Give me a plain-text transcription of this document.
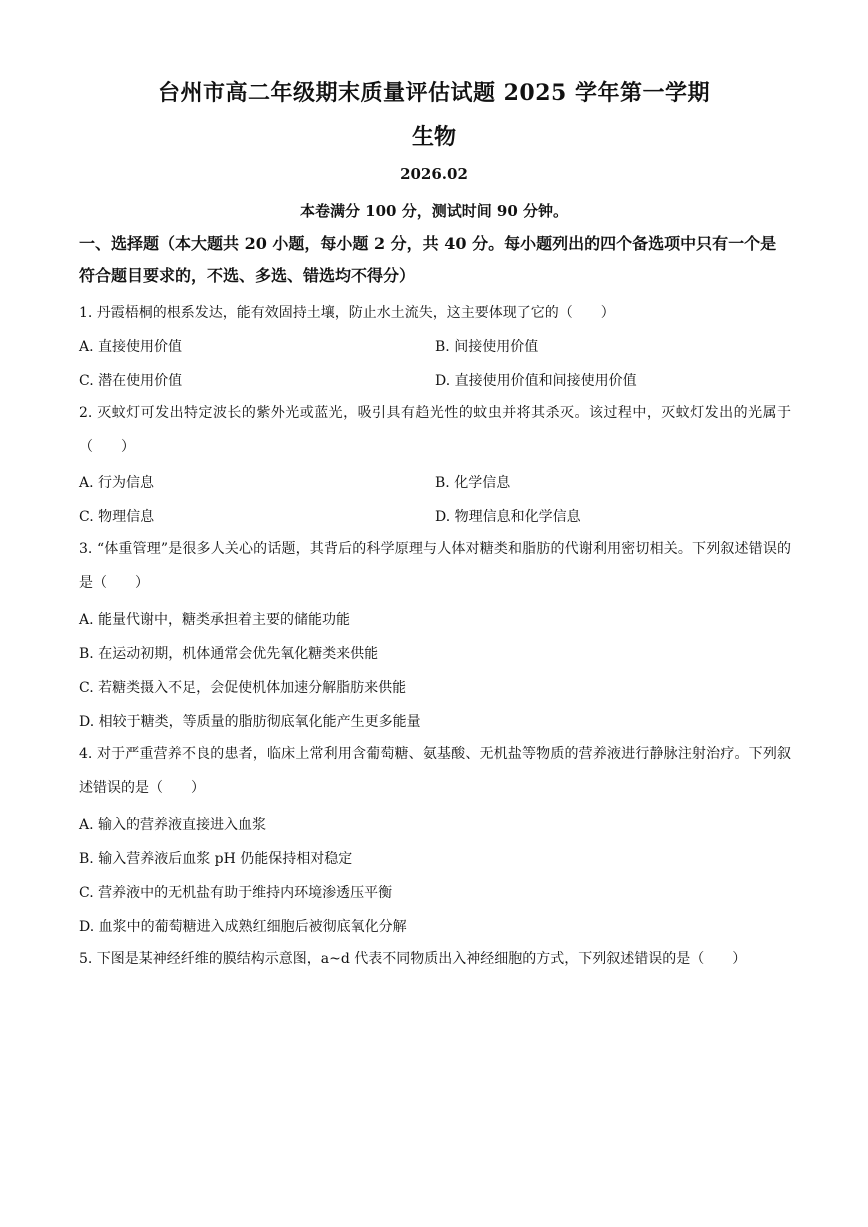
台州市高二年级期末质量评估试题 2025 学年第一学期
生物
2026.02
本卷满分 100 分，测试时间 90 分钟。
一、选择题（本大题共 20 小题，每小题 2 分，共 40 分。每小题列出的四个备选项中只有一个是符合题目要求的，不选、多选、错选均不得分）
1. 丹霞梧桐的根系发达，能有效固持土壤，防止水土流失，这主要体现了它的（　　）
A. 直接使用价值	B. 间接使用价值
C. 潜在使用价值	D. 直接使用价值和间接使用价值
2. 灭蚊灯可发出特定波长的紫外光或蓝光，吸引具有趋光性的蚊虫并将其杀灭。该过程中，灭蚊灯发出的光属于（　　）
A. 行为信息	B. 化学信息
C. 物理信息	D. 物理信息和化学信息
3. “体重管理”是很多人关心的话题，其背后的科学原理与人体对糖类和脂肪的代谢利用密切相关。下列叙述错误的是（　　）
A. 能量代谢中，糖类承担着主要的储能功能
B. 在运动初期，机体通常会优先氧化糖类来供能
C. 若糖类摄入不足，会促使机体加速分解脂肪来供能
D. 相较于糖类，等质量的脂肪彻底氧化能产生更多能量
4. 对于严重营养不良的患者，临床上常利用含葡萄糖、氨基酸、无机盐等物质的营养液进行静脉注射治疗。下列叙述错误的是（　　）
A. 输入的营养液直接进入血浆
B. 输入营养液后血浆 pH 仍能保持相对稳定
C. 营养液中的无机盐有助于维持内环境渗透压平衡
D. 血浆中的葡萄糖进入成熟红细胞后被彻底氧化分解
5. 下图是某神经纤维的膜结构示意图，a~d 代表不同物质出入神经细胞的方式，下列叙述错误的是（　　）
